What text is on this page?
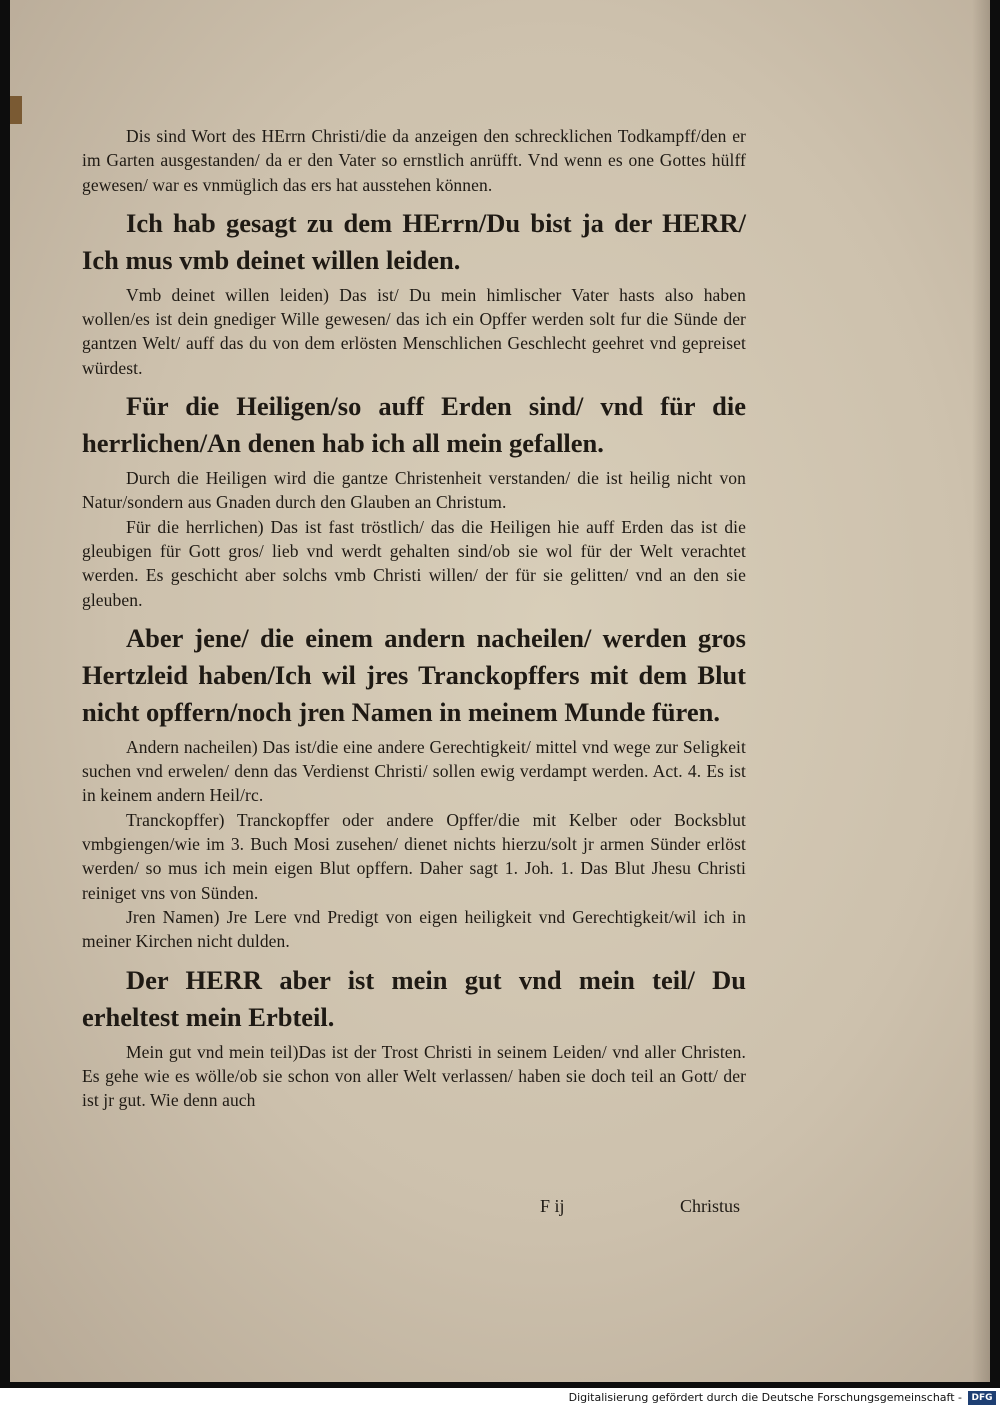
Dis sind Wort des HErrn Christi/die da anzeigen den schrecklichen Todkampff/den er im Garten ausgestanden/ da er den Vater so ernstlich anrüfft. Vnd wenn es one Gottes hülff gewesen/ war es vnmüglich das ers hat ausstehen können.

Ich hab gesagt zu dem HErrn/Du bist ja der HERR/ Ich mus vmb deinet willen leiden.

Vmb deinet willen leiden) Das ist/ Du mein himlischer Vater hasts also haben wollen/es ist dein gnediger Wille gewesen/ das ich ein Opffer werden solt fur die Sünde der gantzen Welt/ auff das du von dem erlösten Menschlichen Geschlecht geehret vnd gepreiset würdest.

Für die Heiligen/so auff Erden sind/ vnd für die herrlichen/An denen hab ich all mein gefallen.

Durch die Heiligen wird die gantze Christenheit verstanden/ die ist heilig nicht von Natur/sondern aus Gnaden durch den Glauben an Christum.

Für die herrlichen) Das ist fast tröstlich/ das die Heiligen hie auff Erden das ist die gleubigen für Gott gros/ lieb vnd werdt gehalten sind/ob sie wol für der Welt verachtet werden. Es geschicht aber solchs vmb Christi willen/ der für sie gelitten/ vnd an den sie gleuben.

Aber jene/ die einem andern nacheilen/ werden gros Hertzleid haben/Ich wil jres Tranckopffers mit dem Blut nicht opffern/noch jren Namen in meinem Munde füren.

Andern nacheilen) Das ist/die eine andere Gerechtigkeit/ mittel vnd wege zur Seligkeit suchen vnd erwelen/ denn das Verdienst Christi/ sollen ewig verdampt werden. Act. 4. Es ist in keinem andern Heil/rc.

Tranckopffer) Tranckopffer oder andere Opffer/die mit Kelber oder Bocksblut vmbgiengen/wie im 3. Buch Mosi zusehen/ dienet nichts hierzu/solt jr armen Sünder erlöst werden/ so mus ich mein eigen Blut opffern. Daher sagt 1. Joh. 1. Das Blut Jhesu Christi reiniget vns von Sünden.

Jren Namen) Jre Lere vnd Predigt von eigen heiligkeit vnd Gerechtigkeit/wil ich in meiner Kirchen nicht dulden.

Der HERR aber ist mein gut vnd mein teil/ Du erheltest mein Erbteil.

Mein gut vnd mein teil)Das ist der Trost Christi in seinem Leiden/ vnd aller Christen. Es gehe wie es wölle/ob sie schon von aller Welt verlassen/ haben sie doch teil an Gott/ der ist jr gut. Wie denn auch

F ij	Christus
Digitalisierung gefördert durch die Deutsche Forschungsgemeinschaft -	DFG
